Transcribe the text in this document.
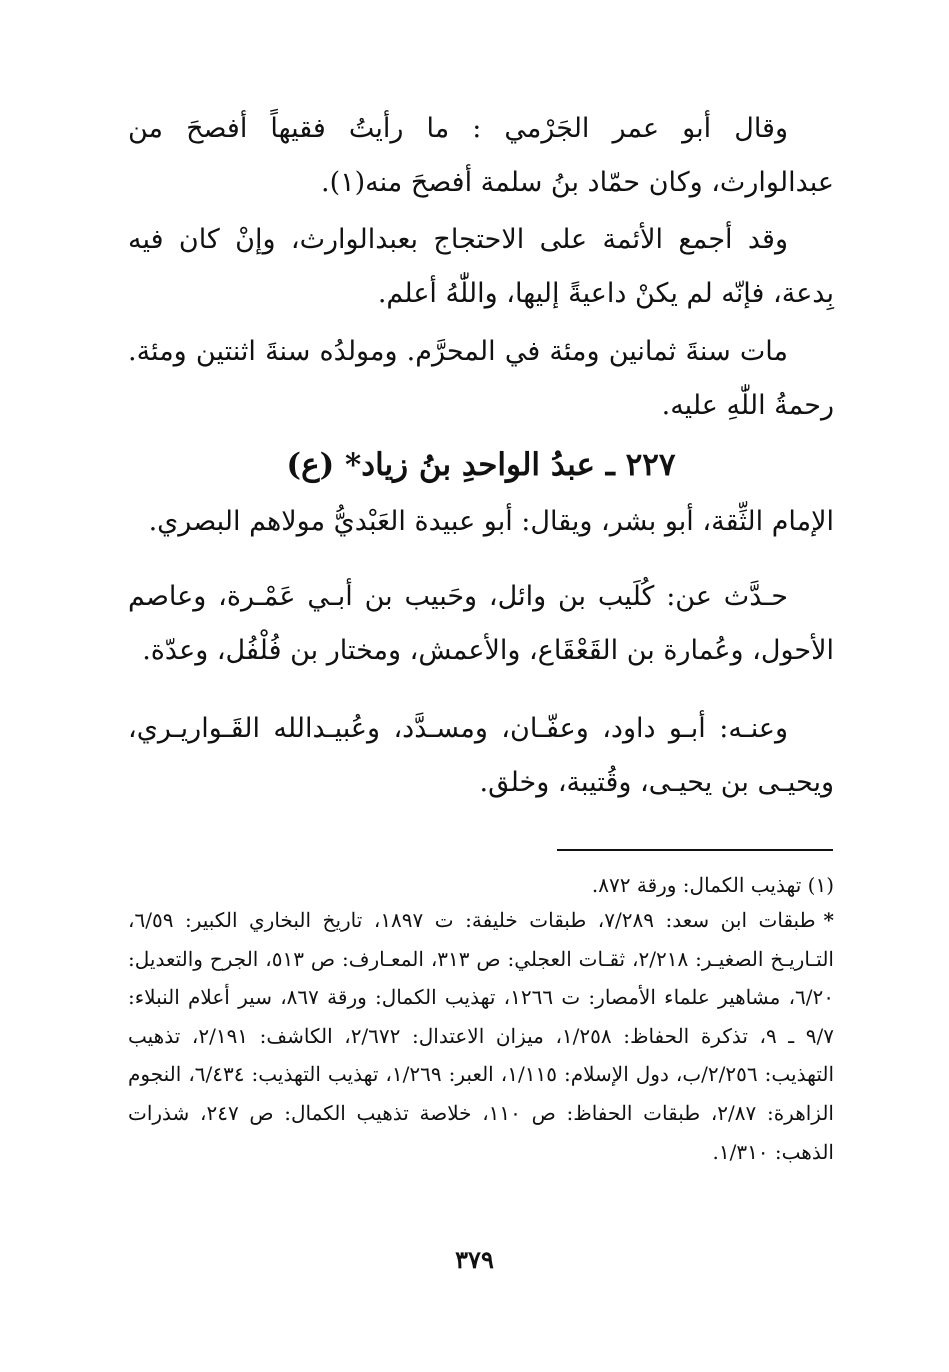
وقال أبو عمر الجَرْمي : ما رأيتُ فقيهاً أفصحَ من عبدالوارث، وكان حمّاد بنُ سلمة أفصحَ منه(١).

وقد أجمع الأئمة على الاحتجاج بعبدالوارث، وإنْ كان فيه بِدعة، فإنّه لم يكنْ داعيةً إليها، واللّٰهُ أعلم.

مات سنةَ ثمانين ومئة في المحرَّم. ومولدُه سنةَ اثنتين ومئة. رحمةُ اللّٰهِ عليه.

٢٢٧ ـ عبدُ الواحدِ بنُ زياد* (ع)

الإمام الثِّقة، أبو بشر، ويقال: أبو عبيدة العَبْديُّ مولاهم البصري.

حـدَّث عن: كُلَيب بن وائل، وحَبيب بن أبـي عَمْـرة، وعاصم الأحول، وعُمارة بن القَعْقَاع، والأعمش، ومختار بن فُلْفُل، وعدّة.

وعنـه: أبـو داود، وعفّـان، ومسـدَّد، وعُبيـدالله القَـواريـري، ويحيـى بن يحيـى، وقُتيبة، وخلق.

(١) تهذيب الكمال: ورقة ٨٧٢.

*طبقات ابن سعد: ٧/٢٨٩، طبقات خليفة: ت ١٨٩٧، تاريخ البخاري الكبير: ٦/٥٩، التـاريـخ الصغيـر: ٢/٢١٨، ثقـات العجلي: ص ٣١٣، المعـارف: ص ٥١٣، الجرح والتعديل: ٦/٢٠، مشاهير علماء الأمصار: ت ١٢٦٦، تهذيب الكمال: ورقة ٨٦٧، سير أعلام النبلاء: ٩/٧ ـ ٩، تذكرة الحفاظ: ١/٢٥٨، ميزان الاعتدال: ٢/٦٧٢، الكاشف: ٢/١٩١، تذهيب التهذيب: ٢/٢٥٦/ب، دول الإسلام: ١/١١٥، العبر: ١/٢٦٩، تهذيب التهذيب: ٦/٤٣٤، النجوم الزاهرة: ٢/٨٧، طبقات الحفاظ: ص ١١٠، خلاصة تذهيب الكمال: ص ٢٤٧، شذرات الذهب: ١/٣١٠.

٣٧٩
